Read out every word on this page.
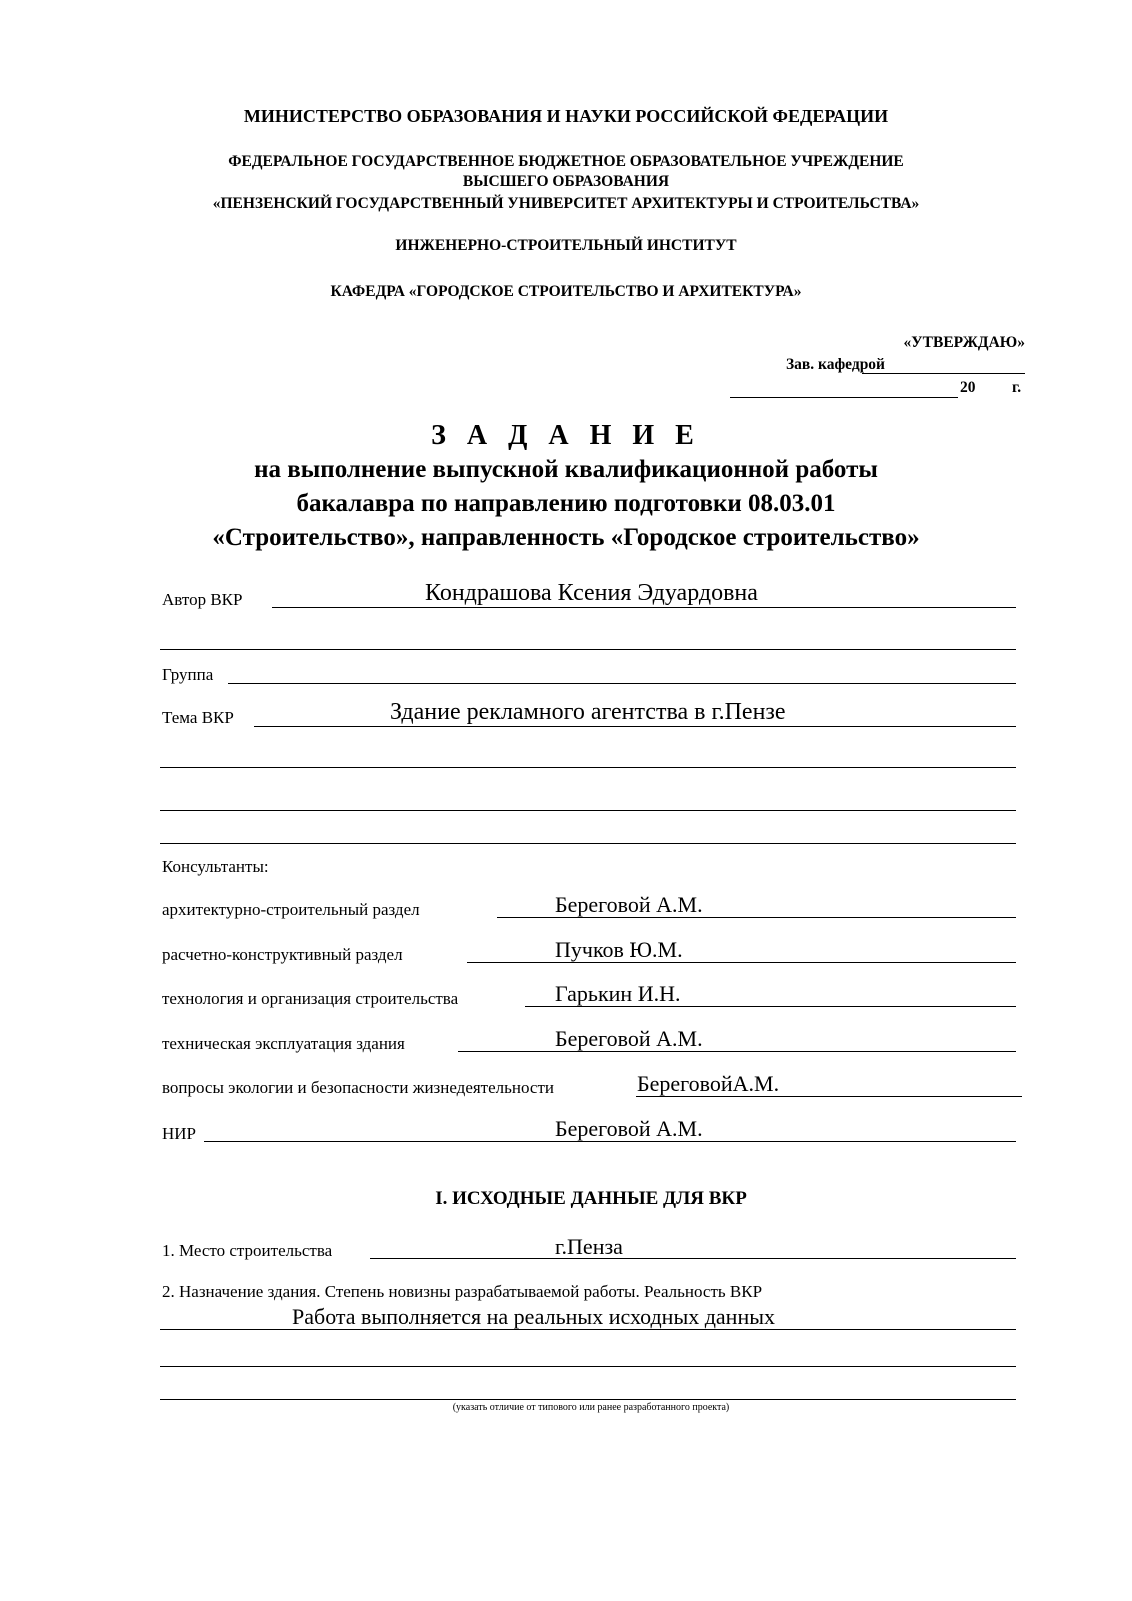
МИНИСТЕРСТВО ОБРАЗОВАНИЯ И НАУКИ РОССИЙСКОЙ ФЕДЕРАЦИИ
ФЕДЕРАЛЬНОЕ ГОСУДАРСТВЕННОЕ БЮДЖЕТНОЕ ОБРАЗОВАТЕЛЬНОЕ УЧРЕЖДЕНИЕ
ВЫСШЕГО ОБРАЗОВАНИЯ
«ПЕНЗЕНСКИЙ ГОСУДАРСТВЕННЫЙ УНИВЕРСИТЕТ АРХИТЕКТУРЫ И СТРОИТЕЛЬСТВА»
ИНЖЕНЕРНО-СТРОИТЕЛЬНЫЙ ИНСТИТУТ
КАФЕДРА «ГОРОДСКОЕ СТРОИТЕЛЬСТВО И АРХИТЕКТУРА»
«УТВЕРЖДАЮ»
Зав. кафедрой
20 г.
З А Д А Н И Е
на выполнение выпускной квалификационной работы
бакалавра по направлению подготовки 08.03.01
«Строительство», направленность «Городское строительство»
Автор ВКР	Кондрашова Ксения Эдуардовна
Группа
Тема ВКР	Здание рекламного агентства в г.Пензе
Консультанты:
архитектурно-строительный раздел	Береговой А.М.
расчетно-конструктивный раздел	Пучков Ю.М.
технология и организация строительства	Гарькин И.Н.
техническая эксплуатация здания	Береговой А.М.
вопросы экологии и безопасности жизнедеятельности	БереговойА.М.
НИР	Береговой А.М.
I. ИСХОДНЫЕ ДАННЫЕ ДЛЯ ВКР
1. Место строительства	г.Пенза
2. Назначение здания. Степень новизны разрабатываемой работы. Реальность ВКР
Работа выполняется на реальных исходных данных
(указать отличие от типового или ранее разработанного проекта)
